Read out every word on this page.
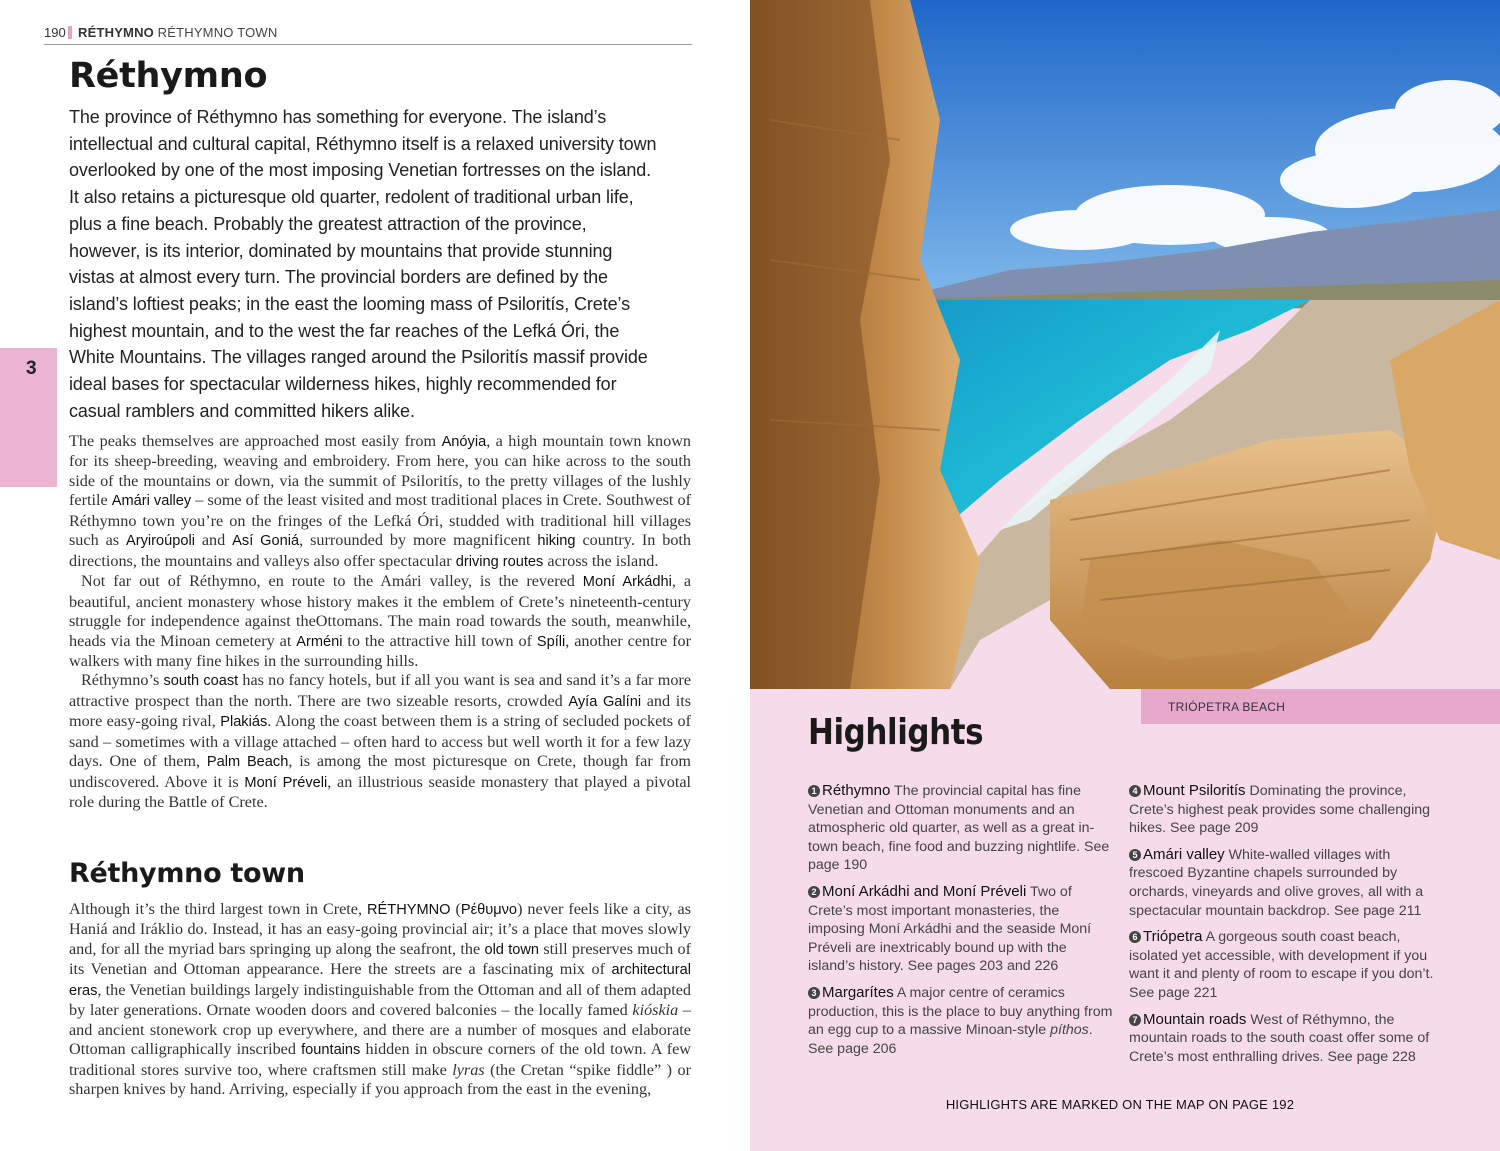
190 RÉTHYMNO RÉTHYMNO TOWN
3
Réthymno
The province of Réthymno has something for everyone. The island’s intellectual and cultural capital, Réthymno itself is a relaxed university town overlooked by one of the most imposing Venetian fortresses on the island. It also retains a picturesque old quarter, redolent of traditional urban life, plus a fine beach. Probably the greatest attraction of the province, however, is its interior, dominated by mountains that provide stunning vistas at almost every turn. The provincial borders are defined by the island’s loftiest peaks; in the east the looming mass of Psiloritís, Crete’s highest mountain, and to the west the far reaches of the Lefká Óri, the White Mountains. The villages ranged around the Psiloritís massif provide ideal bases for spectacular wilderness hikes, highly recommended for casual ramblers and committed hikers alike.

The peaks themselves are approached most easily from Anóyia, a high mountain town known for its sheep-breeding, weaving and embroidery. From here, you can hike across to the south side of the mountains or down, via the summit of Psiloritís, to the pretty villages of the lushly fertile Amári valley – some of the least visited and most traditional places in Crete. Southwest of Réthymno town you’re on the fringes of the Lefká Óri, studded with traditional hill villages such as Aryiroúpoli and Así Goniá, surrounded by more magnificent hiking country. In both directions, the mountains and valleys also offer spectacular driving routes across the island.

Not far out of Réthymno, en route to the Amári valley, is the revered Moní Arkádhi, a beautiful, ancient monastery whose history makes it the emblem of Crete’s nineteenth-century struggle for independence against theOttomans. The main road towards the south, meanwhile, heads via the Minoan cemetery at Arméni to the attractive hill town of Spíli, another centre for walkers with many fine hikes in the surrounding hills.

Réthymno’s south coast has no fancy hotels, but if all you want is sea and sand it’s a far more attractive prospect than the north. There are two sizeable resorts, crowded Ayía Galíni and its more easy-going rival, Plakiás. Along the coast between them is a string of secluded pockets of sand – sometimes with a village attached – often hard to access but well worth it for a few lazy days. One of them, Palm Beach, is among the most picturesque on Crete, though far from undiscovered. Above it is Moní Préveli, an illustrious seaside monastery that played a pivotal role during the Battle of Crete.

Réthymno town

Although it’s the third largest town in Crete, RÉTHYMNO (Ρέθυμνο) never feels like a city, as Haniá and Iráklio do. Instead, it has an easy-going provincial air; it’s a place that moves slowly and, for all the myriad bars springing up along the seafront, the old town still preserves much of its Venetian and Ottoman appearance. Here the streets are a fascinating mix of architectural eras, the Venetian buildings largely indistinguishable from the Ottoman and all of them adapted by later generations. Ornate wooden doors and covered balconies – the locally famed kióskia –and ancient stonework crop up everywhere, and there are a number of mosques and elaborate Ottoman calligraphically inscribed fountains hidden in obscure corners of the old town. A few traditional stores survive too, where craftsmen still make lyras (the Cretan “spike fiddle” ) or sharpen knives by hand. Arriving, especially if you approach from the east in the evening,

TRIÓPETRA BEACH
Highlights
1 Réthymno The provincial capital has fine Venetian and Ottoman monuments and an atmospheric old quarter, as well as a great in-town beach, fine food and buzzing nightlife. See page 190
2 Moní Arkádhi and Moní Préveli Two of Crete’s most important monasteries, the imposing Moní Arkádhi and the seaside Moní Préveli are inextricably bound up with the island’s history. See pages 203 and 226
3 Margarítes A major centre of ceramics production, this is the place to buy anything from an egg cup to a massive Minoan-style píthos. See page 206
4 Mount Psiloritís Dominating the province, Crete’s highest peak provides some challenging hikes. See page 209
5 Amári valley White-walled villages with frescoed Byzantine chapels surrounded by orchards, vineyards and olive groves, all with a spectacular mountain backdrop. See page 211
6 Triópetra A gorgeous south coast beach, isolated yet accessible, with development if you want it and plenty of room to escape if you don’t. See page 221
7 Mountain roads West of Réthymno, the mountain roads to the south coast offer some of Crete’s most enthralling drives. See page 228
HIGHLIGHTS ARE MARKED ON THE MAP ON PAGE 192
